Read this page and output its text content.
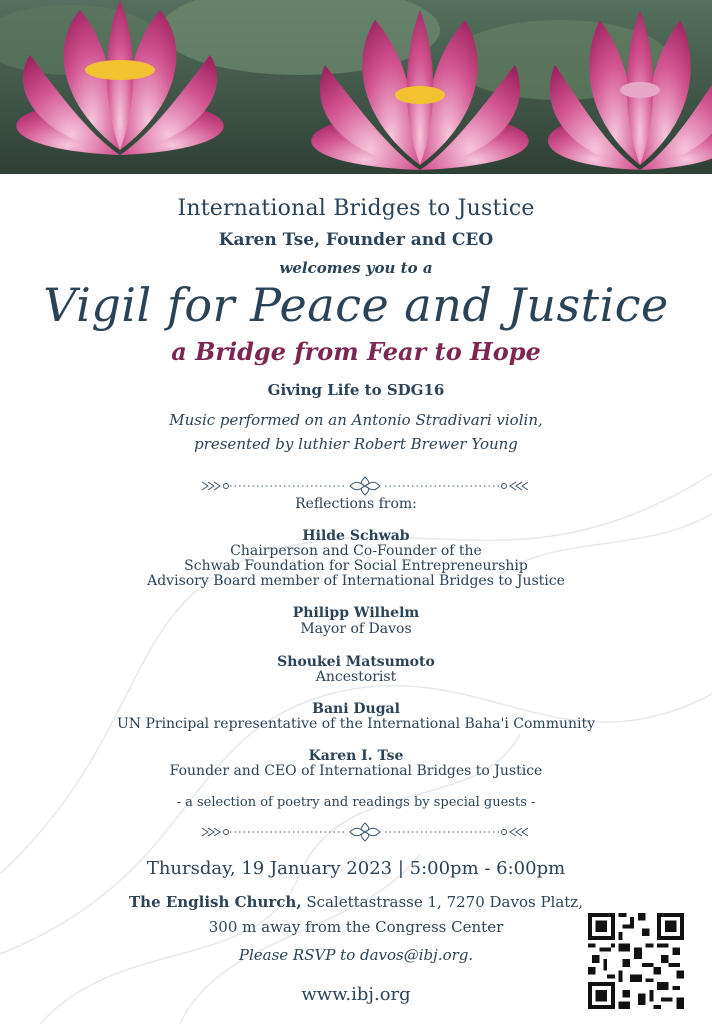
International Bridges to Justice
Karen Tse, Founder and CEO
welcomes you to a
Vigil for Peace and Justice
a Bridge from Fear to Hope
Giving Life to SDG16
Music performed on an Antonio Stradivari violin,
presented by luthier Robert Brewer Young
Reflections from:
Hilde Schwab
Chairperson and Co-Founder of the
Schwab Foundation for Social Entrepreneurship
Advisory Board member of International Bridges to Justice
Philipp Wilhelm
Mayor of Davos
Shoukei Matsumoto
Ancestorist
Bani Dugal
UN Principal representative of the International Baha'i Community
Karen I. Tse
Founder and CEO of International Bridges to Justice
- a selection of poetry and readings by special guests -
Thursday, 19 January 2023 | 5:00pm - 6:00pm
The English Church, Scalettastrasse 1, 7270 Davos Platz,
300 m away from the Congress Center
Please RSVP to davos@ibj.org.
www.ibj.org
